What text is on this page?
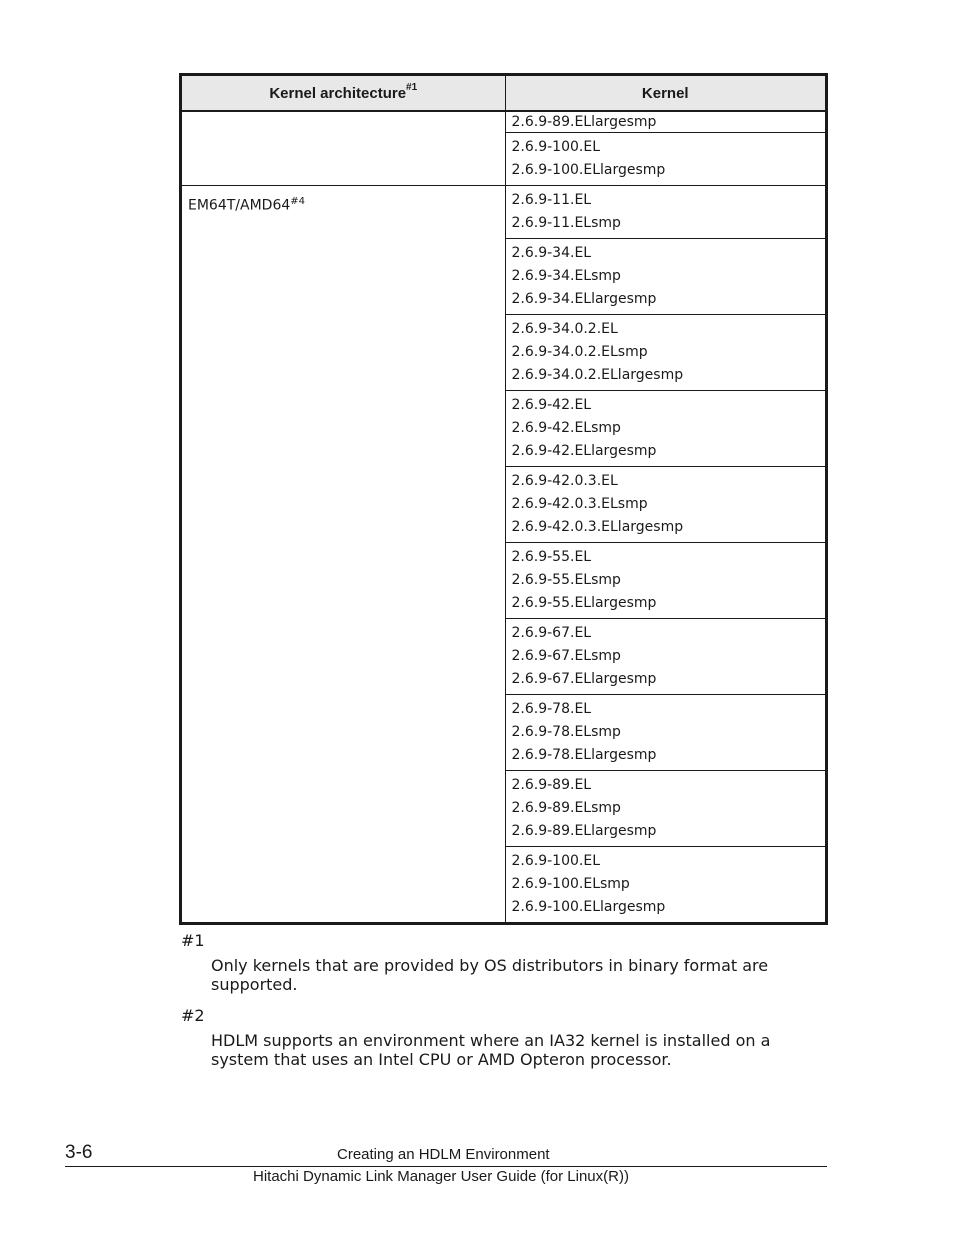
Kernel architecture$^{\#1}$	Kernel

	2.6.9-89.ELlargesmp

	2.6.9-100.EL
2.6.9-100.ELlargesmp

EM64T/AMD64$^{\#4}$	2.6.9-11.EL
2.6.9-11.ELsmp

	2.6.9-34.EL
2.6.9-34.ELsmp
2.6.9-34.ELlargesmp

	2.6.9-34.0.2.EL
2.6.9-34.0.2.ELsmp
2.6.9-34.0.2.ELlargesmp

	2.6.9-42.EL
2.6.9-42.ELsmp
2.6.9-42.ELlargesmp

	2.6.9-42.0.3.EL
2.6.9-42.0.3.ELsmp
2.6.9-42.0.3.ELlargesmp

	2.6.9-55.EL
2.6.9-55.ELsmp
2.6.9-55.ELlargesmp

	2.6.9-67.EL
2.6.9-67.ELsmp
2.6.9-67.ELlargesmp

	2.6.9-78.EL
2.6.9-78.ELsmp
2.6.9-78.ELlargesmp

	2.6.9-89.EL
2.6.9-89.ELsmp
2.6.9-89.ELlargesmp

	2.6.9-100.EL
2.6.9-100.ELsmp
2.6.9-100.ELlargesmp
#1
Only kernels that are provided by OS distributors in binary format are supported.
#2
HDLM supports an environment where an IA32 kernel is installed on a system that uses an Intel CPU or AMD Opteron processor.
3-6	Creating an HDLM Environment
Hitachi Dynamic Link Manager User Guide (for Linux(R))
